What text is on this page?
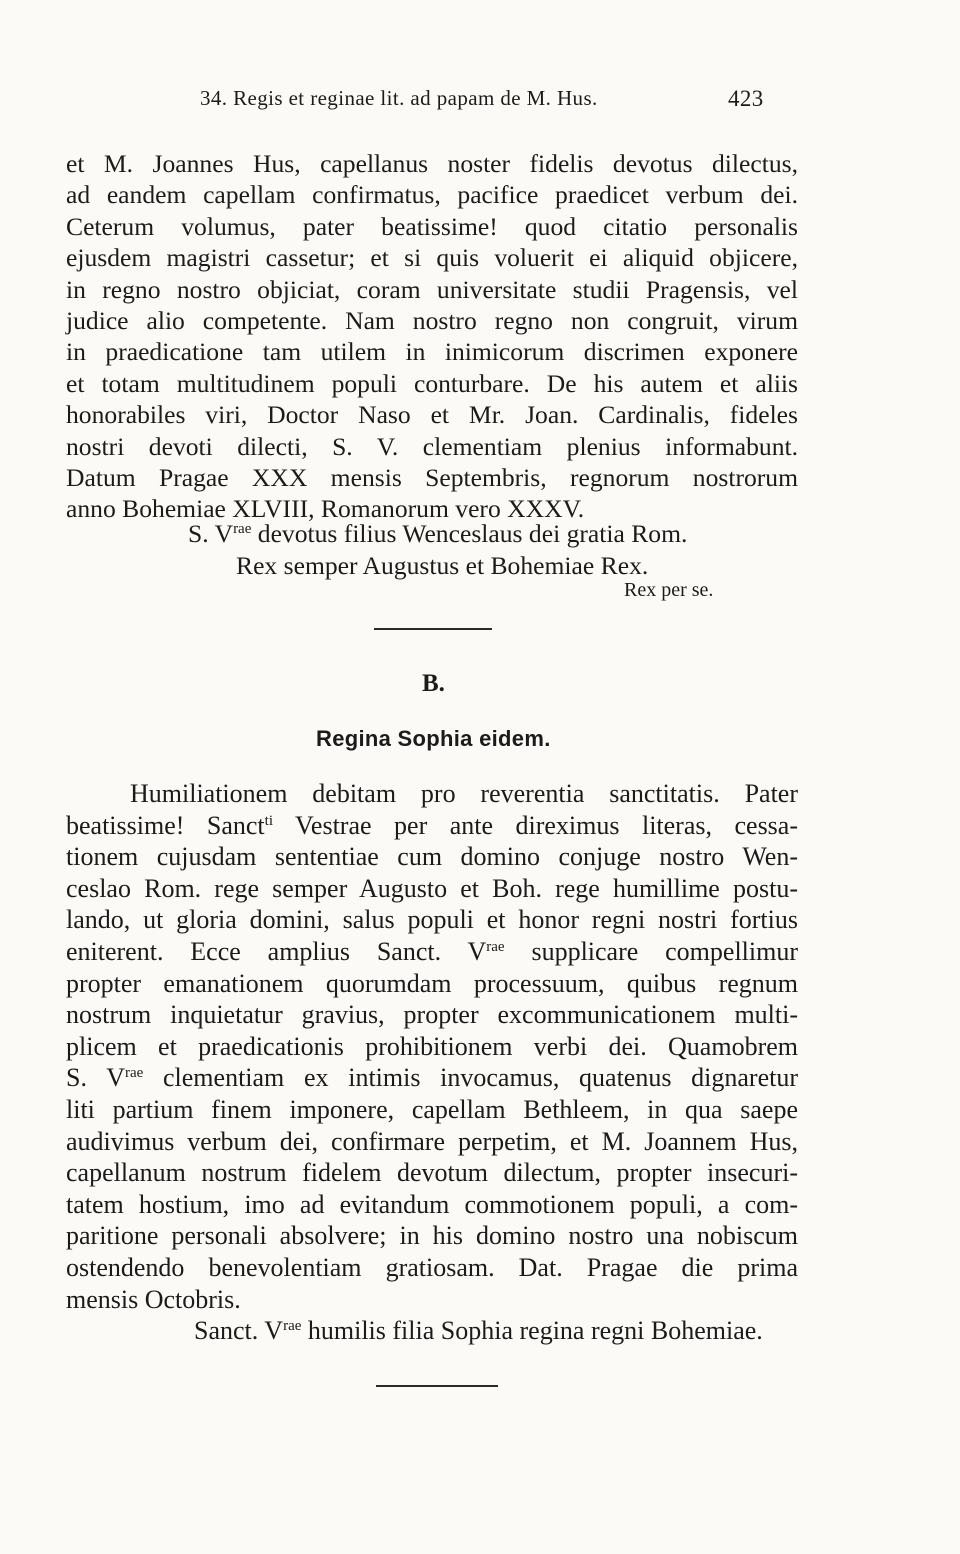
34. Regis et reginae lit. ad papam de M. Hus.	423
et M. Joannes Hus, capellanus noster fidelis devotus dilectus,
ad eandem capellam confirmatus, pacifice praedicet verbum dei.
Ceterum volumus, pater beatissime! quod citatio personalis
ejusdem magistri cassetur; et si quis voluerit ei aliquid objicere,
in regno nostro objiciat, coram universitate studii Pragensis, vel
judice alio competente. Nam nostro regno non congruit, virum
in praedicatione tam utilem in inimicorum discrimen exponere
et totam multitudinem populi conturbare. De his autem et aliis
honorabiles viri, Doctor Naso et Mr. Joan. Cardinalis, fideles
nostri devoti dilecti, S. V. clementiam plenius informabunt.
Datum Pragae XXX mensis Septembris, regnorum nostrorum
anno Bohemiae XLVIII, Romanorum vero XXXV.
S. $V^{rae}$ devotus filius Wenceslaus dei gratia Rom.
Rex semper Augustus et Bohemiae Rex.
Rex per se.
B.
Regina Sophia eidem.
Humiliationem debitam pro reverentia sanctitatis. Pater
beatissime! Sanct$^{ti}$ Vestrae per ante direximus literas, cessa-
tionem cujusdam sententiae cum domino conjuge nostro Wen-
ceslao Rom. rege semper Augusto et Boh. rege humillime postu-
lando, ut gloria domini, salus populi et honor regni nostri fortius
eniterent. Ecce amplius Sanct. $V^{rae}$ supplicare compellimur
propter emanationem quorumdam processuum, quibus regnum
nostrum inquietatur gravius, propter excommunicationem multi-
plicem et praedicationis prohibitionem verbi dei. Quamobrem
S. $V^{rae}$ clementiam ex intimis invocamus, quatenus dignaretur
liti partium finem imponere, capellam Bethleem, in qua saepe
audivimus verbum dei, confirmare perpetim, et M. Joannem Hus,
capellanum nostrum fidelem devotum dilectum, propter insecuri-
tatem hostium, imo ad evitandum commotionem populi, a com-
paritione personali absolvere; in his domino nostro una nobiscum
ostendendo benevolentiam gratiosam. Dat. Pragae die prima
mensis Octobris.
Sanct. $V^{rae}$ humilis filia Sophia regina regni Bohemiae.
